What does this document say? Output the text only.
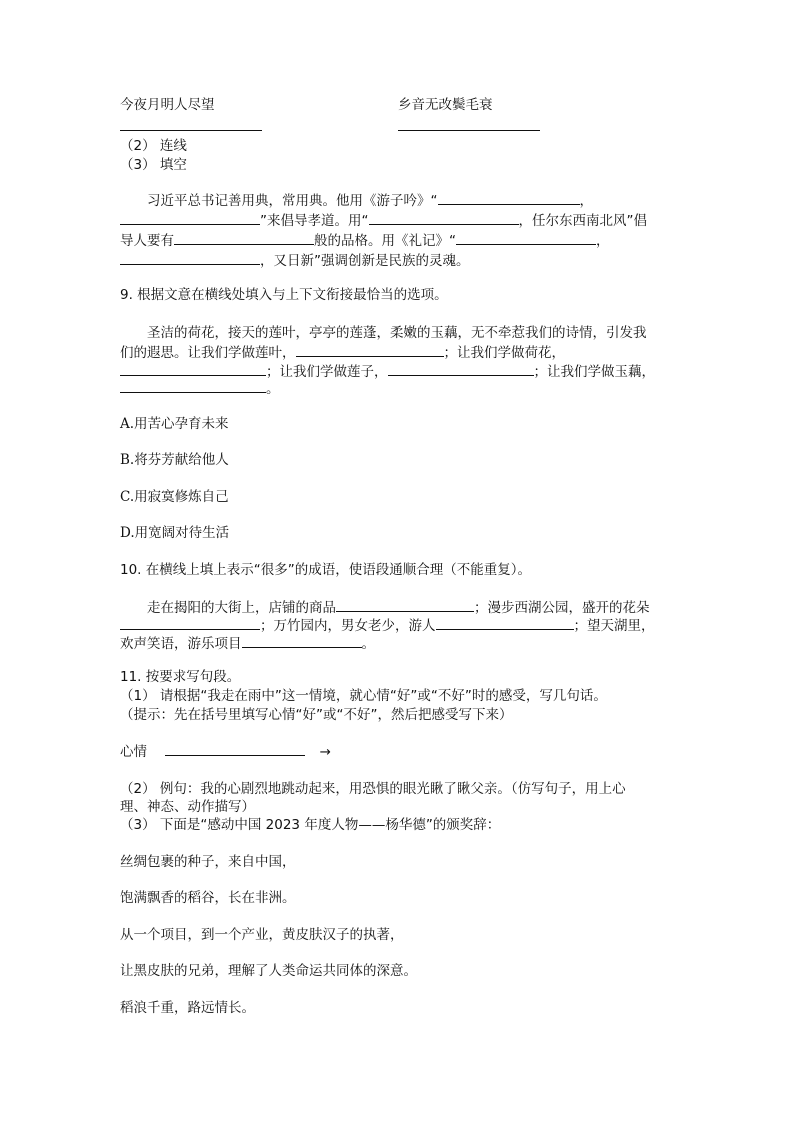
今夜月明人尽望	乡音无改鬓毛衰
（2） 连线
（3） 填空
习近平总书记善用典，常用典。他用《游子吟》“	，
”来倡导孝道。用“	，任尔东西南北风”倡
导人要有	般的品格。用《礼记》“	，
，又日新”强调创新是民族的灵魂。
9. 根据文意在横线处填入与上下文衔接最恰当的选项。
圣洁的荷花，接天的莲叶，亭亭的莲蓬，柔嫩的玉藕，无不牵惹我们的诗情，引发我
们的遐思。让我们学做莲叶，	；让我们学做荷花，
；让我们学做莲子，	；让我们学做玉藕，
。
A.用苦心孕育未来
B.将芬芳献给他人
C.用寂寞修炼自己
D.用宽阔对待生活
10. 在横线上填上表示“很多”的成语，使语段通顺合理（不能重复）。
走在揭阳的大街上，店铺的商品	；漫步西湖公园，盛开的花朵
；万竹园内，男女老少，游人	；望天湖里，
欢声笑语，游乐项目	。
11. 按要求写句段。
（1） 请根据“我走在雨中”这一情境，就心情“好”或“不好”时的感受，写几句话。
（提示：先在括号里填写心情“好”或“不好”，然后把感受写下来）
心情	→
（2） 例句：我的心剧烈地跳动起来，用恐惧的眼光瞅了瞅父亲。（仿写句子，用上心
理、神态、动作描写）
（3） 下面是“感动中国 2023 年度人物——杨华德”的颁奖辞：
丝绸包裹的种子，来自中国，
饱满飘香的稻谷，长在非洲。
从一个项目，到一个产业，黄皮肤汉子的执著，
让黑皮肤的兄弟，理解了人类命运共同体的深意。
稻浪千重，路远情长。
